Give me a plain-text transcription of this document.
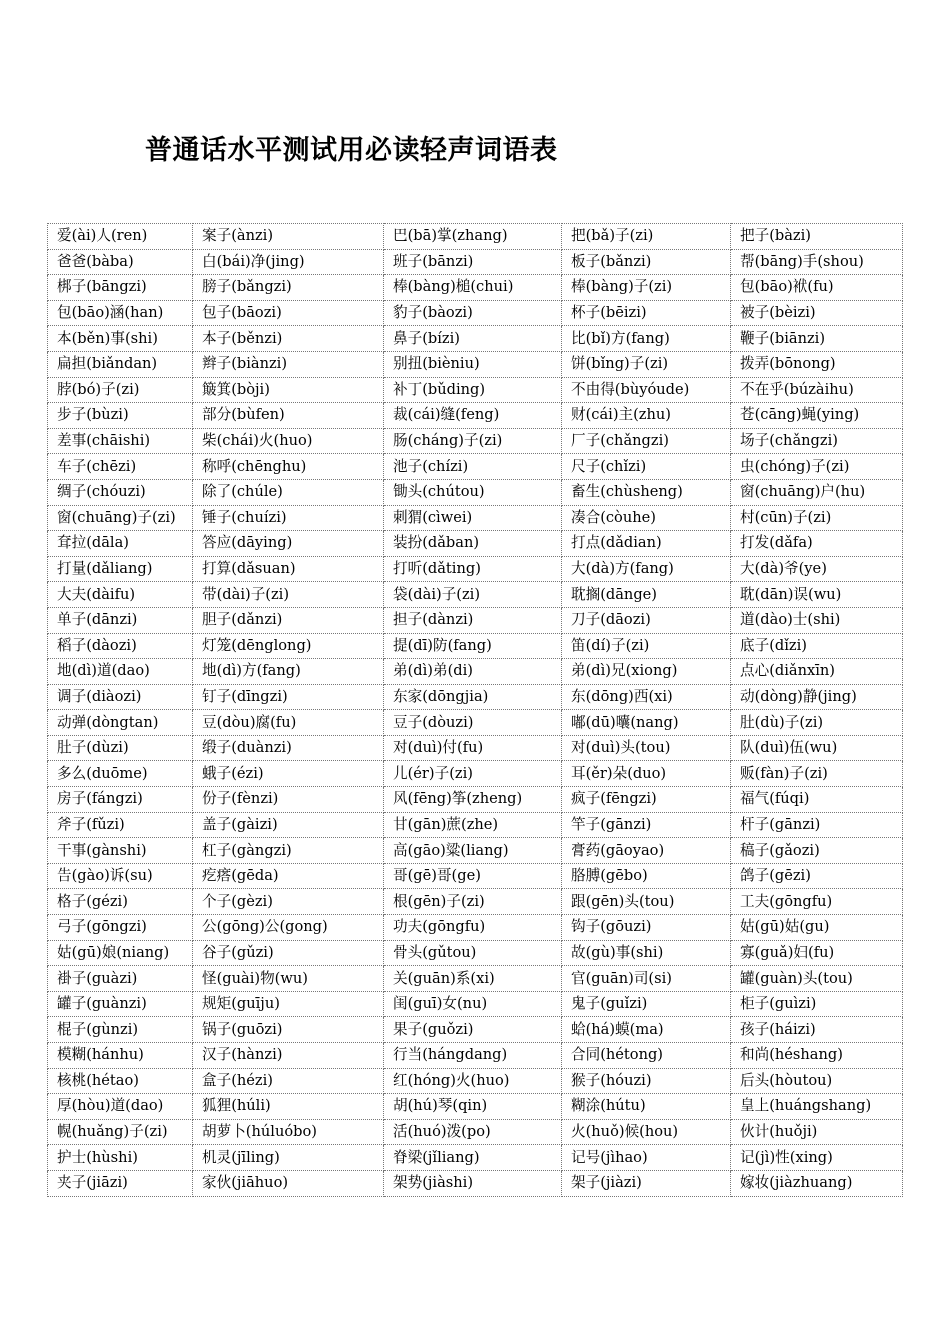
普通话水平测试用必读轻声词语表
爱(ài)人(ren)	案子(ànzi)	巴(bā)掌(zhang)	把(bǎ)子(zi)	把子(bàzi)
爸爸(bàba)	白(bái)净(jing)	班子(bānzi)	板子(bǎnzi)	帮(bāng)手(shou)
梆子(bāngzi)	膀子(bǎngzi)	棒(bàng)槌(chui)	棒(bàng)子(zi)	包(bāo)袱(fu)
包(bāo)涵(han)	包子(bāozi)	豹子(bàozi)	杯子(bēizi)	被子(bèizi)
本(běn)事(shi)	本子(běnzi)	鼻子(bízi)	比(bǐ)方(fang)	鞭子(biānzi)
扁担(biǎndan)	辫子(biànzi)	别扭(bièniu)	饼(bǐng)子(zi)	拨弄(bōnong)
脖(bó)子(zi)	簸箕(bòji)	补丁(bǔding)	不由得(bùyóude)	不在乎(búzàihu)
步子(bùzi)	部分(bùfen)	裁(cái)缝(feng)	财(cái)主(zhu)	苍(cāng)蝇(ying)
差事(chāishi)	柴(chái)火(huo)	肠(cháng)子(zi)	厂子(chǎngzi)	场子(chǎngzi)
车子(chēzi)	称呼(chēnghu)	池子(chízi)	尺子(chǐzi)	虫(chóng)子(zi)
绸子(chóuzi)	除了(chúle)	锄头(chútou)	畜生(chùsheng)	窗(chuāng)户(hu)
窗(chuāng)子(zi)	锤子(chuízi)	刺猬(cìwei)	凑合(còuhe)	村(cūn)子(zi)
耷拉(dāla)	答应(dāying)	装扮(dǎban)	打点(dǎdian)	打发(dǎfa)
打量(dǎliang)	打算(dǎsuan)	打听(dǎting)	大(dà)方(fang)	大(dà)爷(ye)
大夫(dàifu)	带(dài)子(zi)	袋(dài)子(zi)	耽搁(dānge)	耽(dān)误(wu)
单子(dānzi)	胆子(dǎnzi)	担子(dànzi)	刀子(dāozi)	道(dào)士(shi)
稻子(dàozi)	灯笼(dēnglong)	提(dī)防(fang)	笛(dí)子(zi)	底子(dǐzi)
地(dì)道(dao)	地(dì)方(fang)	弟(dì)弟(di)	弟(dì)兄(xiong)	点心(diǎnxīn)
调子(diàozi)	钉子(dīngzi)	东家(dōngjia)	东(dōng)西(xi)	动(dòng)静(jing)
动弹(dòngtan)	豆(dòu)腐(fu)	豆子(dòuzi)	嘟(dū)囔(nang)	肚(dù)子(zi)
肚子(dùzi)	缎子(duànzi)	对(duì)付(fu)	对(duì)头(tou)	队(duì)伍(wu)
多么(duōme)	蛾子(ézi)	儿(ér)子(zi)	耳(ěr)朵(duo)	贩(fàn)子(zi)
房子(fángzi)	份子(fènzi)	风(fēng)筝(zheng)	疯子(fēngzi)	福气(fúqi)
斧子(fǔzi)	盖子(gàizi)	甘(gān)蔗(zhe)	竿子(gānzi)	杆子(gānzi)
干事(gànshi)	杠子(gàngzi)	高(gāo)粱(liang)	膏药(gāoyao)	稿子(gǎozi)
告(gào)诉(su)	疙瘩(gēda)	哥(gē)哥(ge)	胳膊(gēbo)	鸽子(gēzi)
格子(gézi)	个子(gèzi)	根(gēn)子(zi)	跟(gēn)头(tou)	工夫(gōngfu)
弓子(gōngzi)	公(gōng)公(gong)	功夫(gōngfu)	钩子(gōuzi)	姑(gū)姑(gu)
姑(gū)娘(niang)	谷子(gǔzi)	骨头(gǔtou)	故(gù)事(shi)	寡(guǎ)妇(fu)
褂子(guàzi)	怪(guài)物(wu)	关(guān)系(xi)	官(guān)司(si)	罐(guàn)头(tou)
罐子(guànzi)	规矩(guīju)	闺(guī)女(nu)	鬼子(guǐzi)	柜子(guìzi)
棍子(gùnzi)	锅子(guōzi)	果子(guǒzi)	蛤(há)蟆(ma)	孩子(háizi)
模糊(hánhu)	汉子(hànzi)	行当(hángdang)	合同(hétong)	和尚(héshang)
核桃(hétao)	盒子(hézi)	红(hóng)火(huo)	猴子(hóuzi)	后头(hòutou)
厚(hòu)道(dao)	狐狸(húli)	胡(hú)琴(qin)	糊涂(hútu)	皇上(huángshang)
幌(huǎng)子(zi)	胡萝卜(húluóbo)	活(huó)泼(po)	火(huǒ)候(hou)	伙计(huǒji)
护士(hùshi)	机灵(jīling)	脊梁(jǐliang)	记号(jìhao)	记(jì)性(xing)
夹子(jiāzi)	家伙(jiāhuo)	架势(jiàshi)	架子(jiàzi)	嫁妆(jiàzhuang)
